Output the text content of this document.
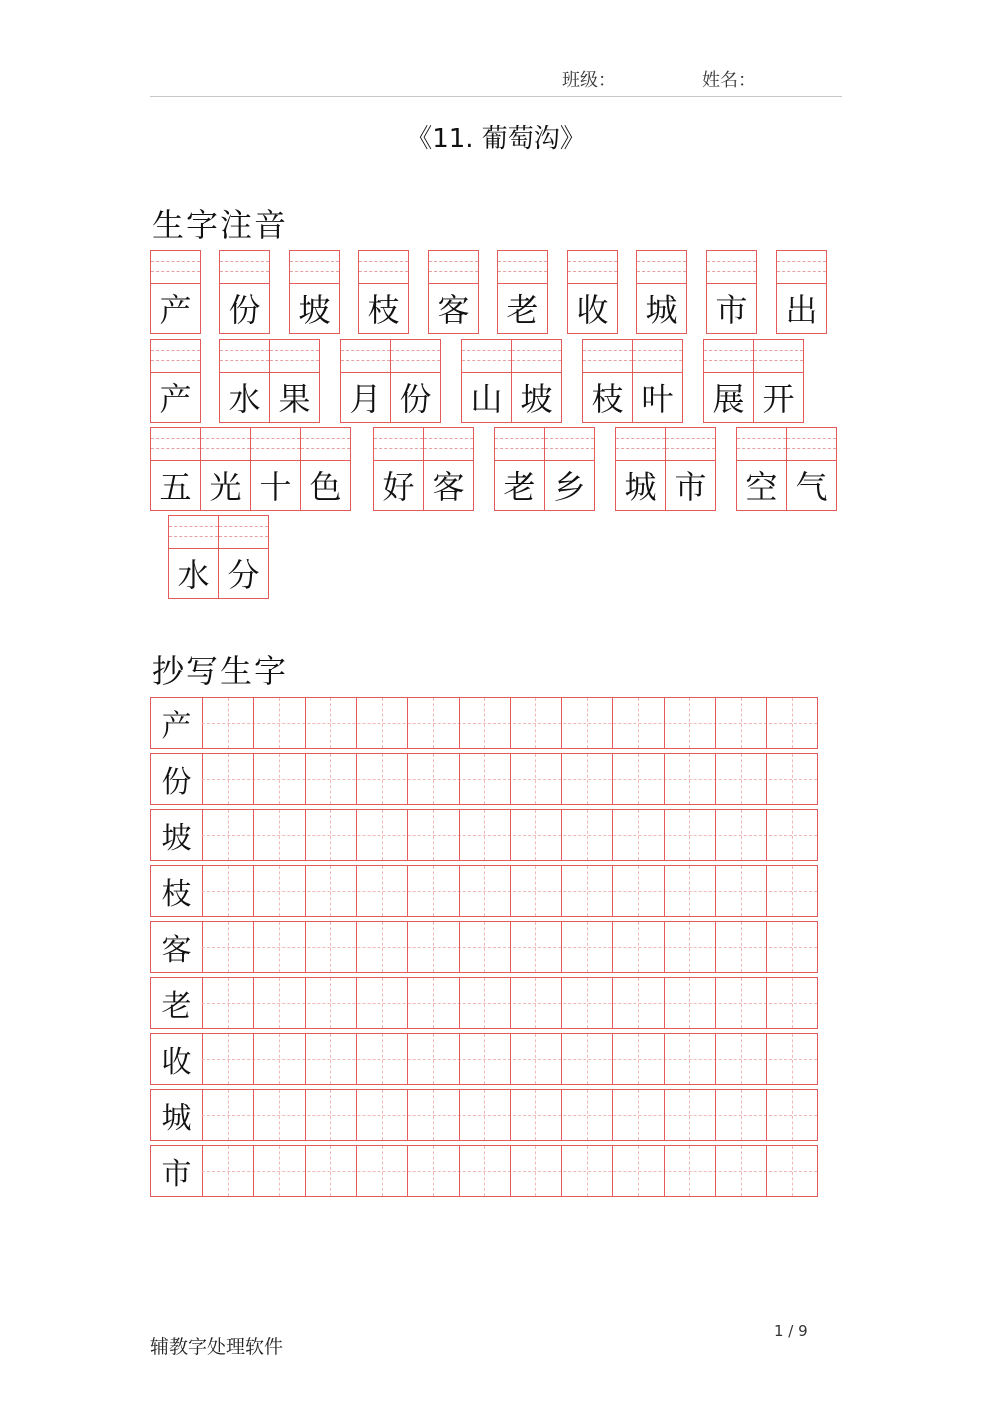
班级：	姓名：
《11. 葡萄沟》
生字注音
产 份 坡 枝 客 老 收 城 市 出
产 水 果 月 份 山 坡 枝 叶 展 开
五 光 十 色 好 客 老 乡 城 市 空 气
水 分
抄写生字
产
份
坡
枝
客
老
收
城
市
辅教字处理软件
1 / 9
